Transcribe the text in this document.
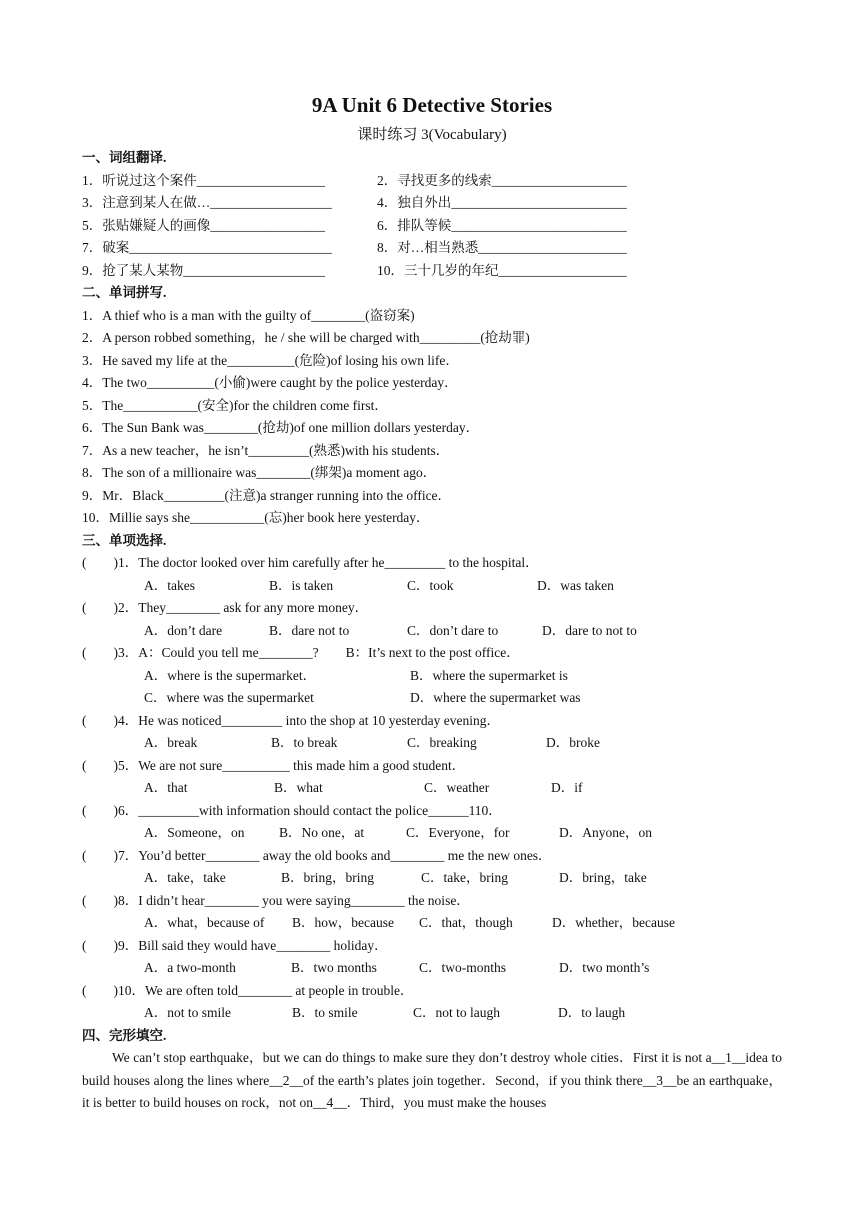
9A Unit 6 Detective Stories
课时练习 3(Vocabulary)
一、词组翻译.
1．听说过这个案件___________________	2．寻找更多的线索____________________
3．注意到某人在做…__________________	4．独自外出__________________________
5．张贴嫌疑人的画像_________________	6．排队等候__________________________
7．破案______________________________	8．对…相当熟悉______________________
9．抢了某人某物_____________________	10．三十几岁的年纪___________________
二、单词拼写.
1．A thief who is a man with the guilty of________(盗窃案)
2．A person robbed something，he / she will be charged with_________(抢劫罪)
3．He saved my life at the__________(危险)of losing his own life．
4．The two__________(小偷)were caught by the police yesterday．
5．The___________(安全)for the children come first．
6．The Sun Bank was________(抢劫)of one million dollars yesterday．
7．As a new teacher，he isn’t_________(熟悉)with his students．
8．The son of a millionaire was________(绑架)a moment ago．
9．Mr．Black_________(注意)a stranger running into the office．
10．Millie says she___________(忘)her book here yesterday．
三、单项选择.
(　　)1．The doctor looked over him carefully after he_________ to the hospital．
A．takes	B．is taken	C．took	D．was taken
(　　)2．They________ ask for any more money．
A．don’t dare	B．dare not to	C．don’t dare to	D．dare to not to
(　　)3．A：Could you tell me________?　　B：It’s next to the post office．
A．where is the supermarket．	B．where the supermarket is
C．where was the supermarket	D．where the supermarket was
(　　)4．He was noticed_________ into the shop at 10 yesterday evening．
A．break	B．to break	C．breaking	D．broke
(　　)5．We are not sure__________ this made him a good student．
A．that	B．what	C．weather	D．if
(　　)6．_________with information should contact the police______110．
A．Someone，on	B．No one，at	C．Everyone，for	D．Anyone，on
(　　)7．You’d better________ away the old books and________ me the new ones．
A．take，take	B．bring，bring	C．take，bring	D．bring，take
(　　)8．I didn’t hear________ you were saying________ the noise．
A．what，because of	B．how，because	C．that，though	D．whether，because
(　　)9．Bill said they would have________ holiday．
A．a two-month	B．two months	C．two-months	D．two month’s
(　　)10．We are often told________ at people in trouble．
A．not to smile	B．to smile	C．not to laugh	D．to laugh
四、完形填空.
We can’t stop earthquake，but we can do things to make sure they don’t destroy whole cities．First it is not a__1__idea to build houses along the lines where__2__of the earth’s plates join together．Second，if you think there__3__be an earthquake，it is better to build houses on rock，not on__4__．Third，you must make the houses
